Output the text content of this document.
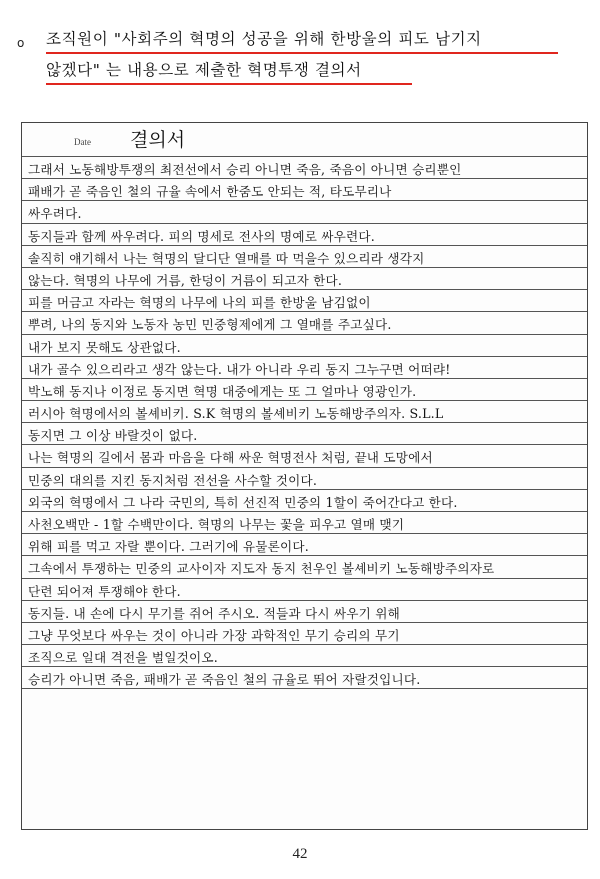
o 조직원이 "사회주의 혁명의 성공을 위해 한방울의 피도 남기지
않겠다" 는 내용으로 제출한 혁명투쟁 결의서
Date 결의서
그래서 노동해방투쟁의 최전선에서 승리 아니면 죽음, 죽음이 아니면 승리뿐인
패배가 곧 죽음인 철의 규율 속에서 한줌도 안되는 적, 타도무리나
싸우려다.
동지들과 함께 싸우려다. 피의 명세로 전사의 명예로 싸우련다.
솔직히 얘기해서 나는 혁명의 달디단 열매를 따 먹을수 있으리라 생각지
않는다. 혁명의 나무에 거름, 한덩이 거름이 되고자 한다.
피를 머금고 자라는 혁명의 나무에 나의 피를 한방울 남김없이
뿌려, 나의 동지와 노동자 농민 민중형제에게 그 열매를 주고싶다.
내가 보지 못해도 상관없다.
내가 골수 있으리라고 생각 않는다. 내가 아니라 우리 동지 그누구면 어떠랴!
박노해 동지나 이정로 동지면 혁명 대중에게는 또 그 얼마나 영광인가.
러시아 혁명에서의 볼셰비키. S.K 혁명의 볼셰비키 노동해방주의자. S.L.L
동지면 그 이상 바랄것이 없다.
나는 혁명의 길에서 몸과 마음을 다해 싸운 혁명전사 처럼, 끝내 도망에서
민중의 대의를 지킨 동지처럼 전선을 사수할 것이다.
외국의 혁명에서 그 나라 국민의, 특히 선진적 민중의 1할이 죽어간다고 한다.
사천오백만 - 1할 수백만이다. 혁명의 나무는 꽃을 피우고 열매 맺기
위해 피를 먹고 자랄 뿐이다. 그러기에 유물론이다.
그속에서 투쟁하는 민중의 교사이자 지도자 동지 천우인 볼셰비키 노동해방주의자로
단련 되어져 투쟁해야 한다.
동지들. 내 손에 다시 무기를 쥐어 주시오. 적들과 다시 싸우기 위해
그냥 무엇보다 싸우는 것이 아니라 가장 과학적인 무기 승리의 무기
조직으로 일대 격전을 벌일것이오.
승리가 아니면 죽음, 패배가 곧 죽음인 철의 규율로 뛰어 자랄것입니다.
42
